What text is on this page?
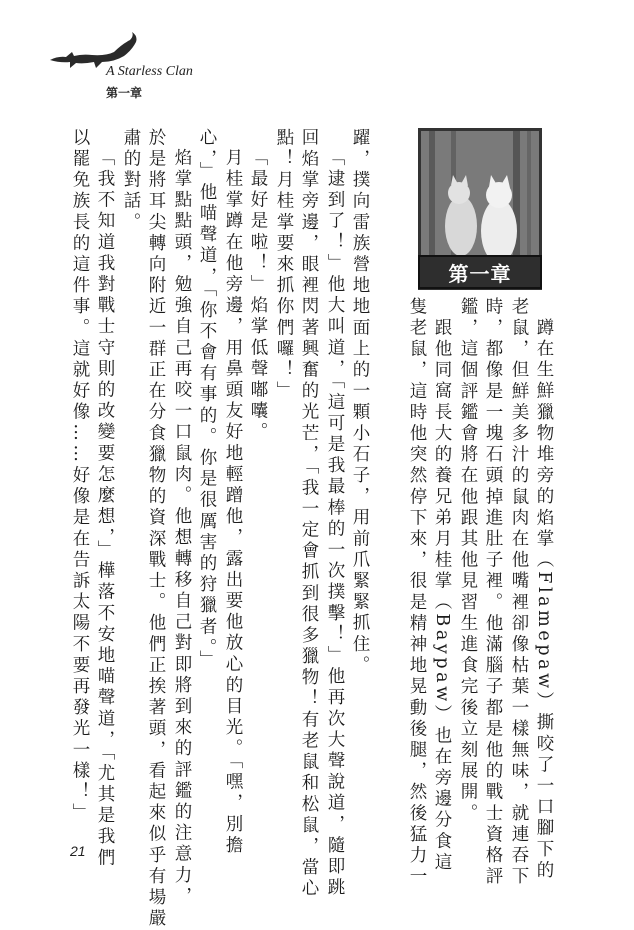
A Starless Clan
第一章
第一章
蹲在生鮮獵物堆旁的焰掌（Flamepaw）撕咬了一口腳下的
老鼠，但鮮美多汁的鼠肉在他嘴裡卻像枯葉一樣無味，就連吞下
時，都像是一塊石頭掉進肚子裡。他滿腦子都是他的戰士資格評
鑑，這個評鑑會將在他跟其他見習生進食完後立刻展開。
跟他同窩長大的養兄弟月桂掌（Baypaw）也在旁邊分食這
隻老鼠，這時他突然停下來，很是精神地晃動後腿，然後猛力一
躍，撲向雷族營地地面上的一顆小石子，用前爪緊緊抓住。
「逮到了！」他大叫道，「這可是我最棒的一次撲擊！」他再次大聲說道，隨即跳
回焰掌旁邊，眼裡閃著興奮的光芒，「我一定會抓到很多獵物！有老鼠和松鼠，當心
點！月桂掌要來抓你們囉！」
「最好是啦！」焰掌低聲嘟囔。
月桂掌蹲在他旁邊，用鼻頭友好地輕蹭他，露出要他放心的目光。「嘿，別擔
心，」他喵聲道，「你不會有事的。你是很厲害的狩獵者。」
焰掌點點頭，勉強自己再咬一口鼠肉。他想轉移自己對即將到來的評鑑的注意力，
於是將耳尖轉向附近一群正在分食獵物的資深戰士。他們正挨著頭，看起來似乎有場嚴
肅的對話。
「我不知道我對戰士守則的改變要怎麼想，」樺落不安地喵聲道，「尤其是我們
以罷免族長的這件事。這就好像……好像是在告訴太陽不要再發光一樣！」
21
